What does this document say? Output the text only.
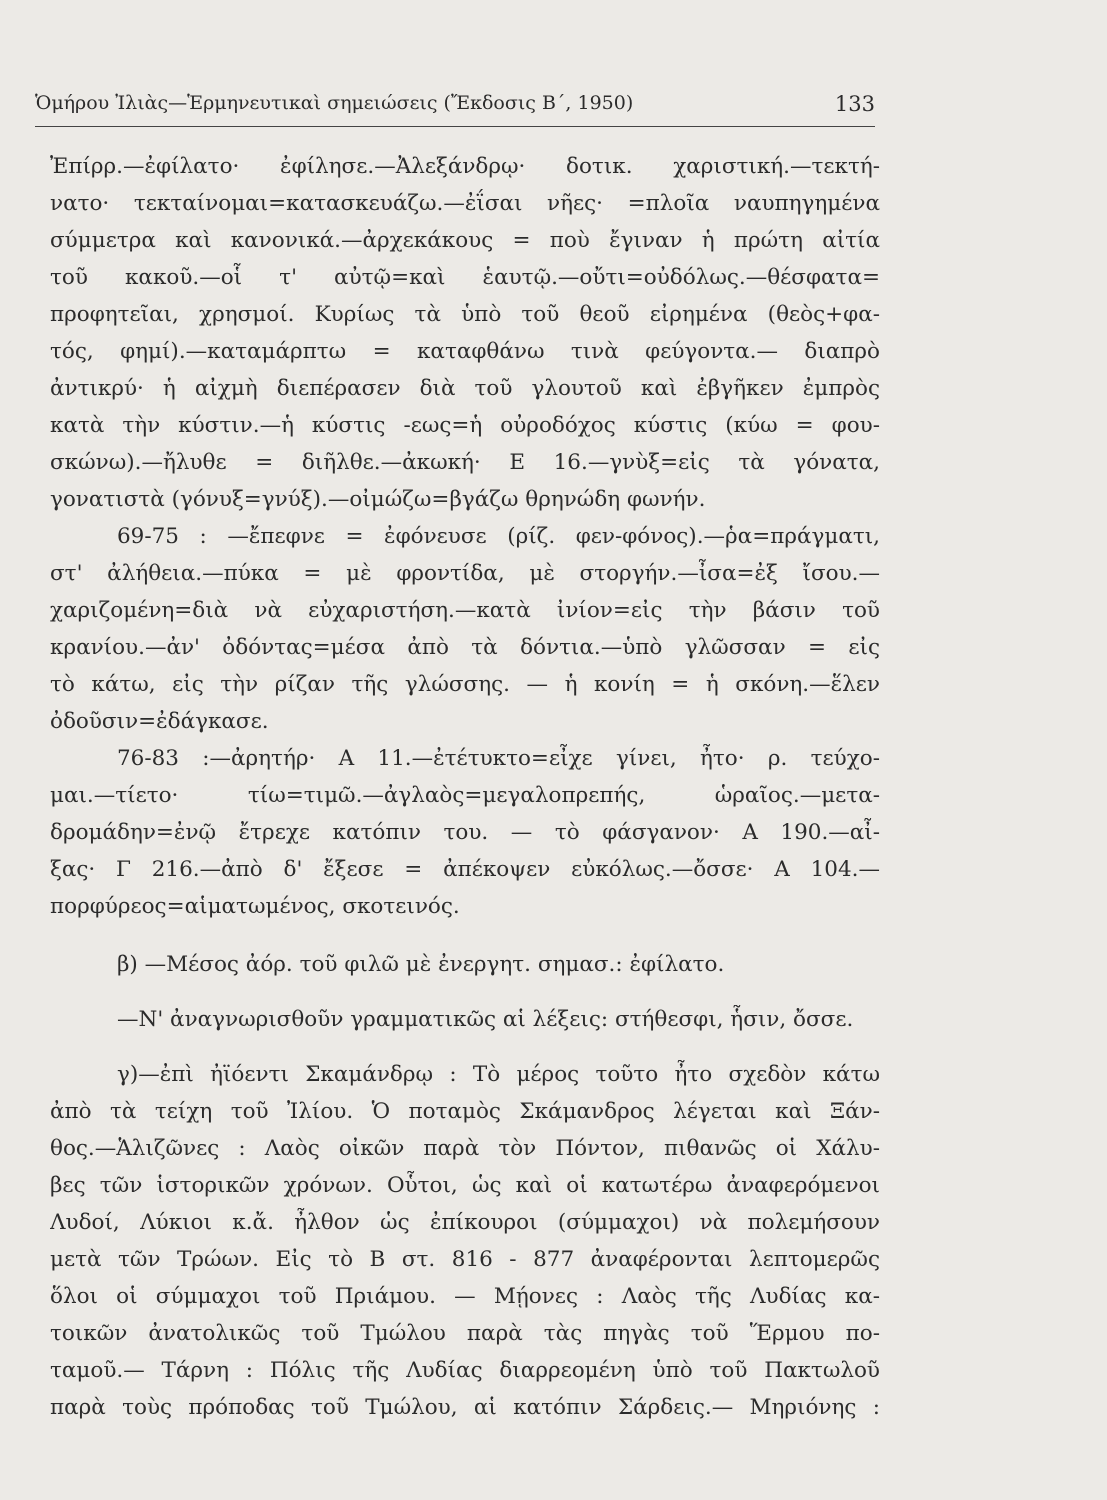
Ὁμήρου Ἰλιὰς—Ἑρμηνευτικαὶ σημειώσεις (Ἔκδοσις Β΄, 1950)	133
Ἐπίρρ.—ἐφίλατο· ἐφίλησε.—Ἀλεξάνδρῳ· δοτικ. χαριστική.—τεκτή-
νατο· τεκταίνομαι=κατασκευάζω.—ἐΐσαι νῆες· =πλοῖα ναυπηγημένα
σύμμετρα καὶ κανονικά.—ἀρχεκάκους = ποὺ ἔγιναν ἡ πρώτη αἰτία
τοῦ κακοῦ.—οἷ τ' αὐτῷ=καὶ ἑαυτῷ.—οὔτι=οὐδόλως.—θέσφατα=
προφητεῖαι, χρησμοί. Κυρίως τὰ ὑπὸ τοῦ θεοῦ εἰρημένα (θεὸς+φα-
τός, φημί).—καταμάρπτω = καταφθάνω τινὰ φεύγοντα.— διαπρὸ
ἀντικρύ· ἡ αἰχμὴ διεπέρασεν διὰ τοῦ γλουτοῦ καὶ ἐβγῆκεν ἐμπρὸς
κατὰ τὴν κύστιν.—ἡ κύστις -εως=ἡ οὐροδόχος κύστις (κύω = φου-
σκώνω).—ἤλυθε = διῆλθε.—ἀκωκή· Ε 16.—γνὺξ=εἰς τὰ γόνατα,
γονατιστὰ (γόνυξ=γνύξ).—οἰμώζω=βγάζω θρηνώδη φωνήν.
69-75 : —ἔπεφνε = ἐφόνευσε (ρίζ. φεν-φόνος).—ῥα=πράγματι,
στ' ἀλήθεια.—πύκα = μὲ φροντίδα, μὲ στοργήν.—ἶσα=ἐξ ἴσου.—
χαριζομένη=διὰ νὰ εὐχαριστήση.—κατὰ ἰνίον=εἰς τὴν βάσιν τοῦ
κρανίου.—ἀν' ὀδόντας=μέσα ἀπὸ τὰ δόντια.—ὑπὸ γλῶσσαν = εἰς
τὸ κάτω, εἰς τὴν ρίζαν τῆς γλώσσης. — ἡ κονίη = ἡ σκόνη.—ἕλεν
ὀδοῦσιν=ἐδάγκασε.
76-83 :—ἀρητήρ· Α 11.—ἐτέτυκτο=εἶχε γίνει, ἦτο· ρ. τεύχο-
μαι.—τίετο· τίω=τιμῶ.—ἀγλαὸς=μεγαλοπρεπής, ὡραῖος.—μετα-
δρομάδην=ἐνῷ ἔτρεχε κατόπιν του. — τὸ φάσγανον· Α 190.—αἶ-
ξας· Γ 216.—ἀπὸ δ' ἔξεσε = ἀπέκοψεν εὐκόλως.—ὄσσε· Α 104.—
πορφύρεος=αἱματωμένος, σκοτεινός.
β) —Μέσος ἀόρ. τοῦ φιλῶ μὲ ἐνεργητ. σημασ.: ἐφίλατο.
—Ν' ἀναγνωρισθοῦν γραμματικῶς αἱ λέξεις: στήθεσφι, ἧσιν, ὄσσε.
γ)—ἐπὶ ἠϊόεντι Σκαμάνδρῳ : Τὸ μέρος τοῦτο ἦτο σχεδὸν κάτω
ἀπὸ τὰ τείχη τοῦ Ἰλίου. Ὁ ποταμὸς Σκάμανδρος λέγεται καὶ Ξάν-
θος.—Ἁλιζῶνες : Λαὸς οἰκῶν παρὰ τὸν Πόντον, πιθανῶς οἱ Χάλυ-
βες τῶν ἱστορικῶν χρόνων. Οὗτοι, ὡς καὶ οἱ κατωτέρω ἀναφερόμενοι
Λυδοί, Λύκιοι κ.ἄ. ἦλθον ὡς ἐπίκουροι (σύμμαχοι) νὰ πολεμήσουν
μετὰ τῶν Τρώων. Εἰς τὸ Β στ. 816 - 877 ἀναφέρονται λεπτομερῶς
ὅλοι οἱ σύμμαχοι τοῦ Πριάμου. — Μῄονες : Λαὸς τῆς Λυδίας κα-
τοικῶν ἀνατολικῶς τοῦ Τμώλου παρὰ τὰς πηγὰς τοῦ Ἕρμου πο-
ταμοῦ.— Τάρνη : Πόλις τῆς Λυδίας διαρρεομένη ὑπὸ τοῦ Πακτωλοῦ
παρὰ τοὺς πρόποδας τοῦ Τμώλου, αἱ κατόπιν Σάρδεις.— Μηριόνης :
